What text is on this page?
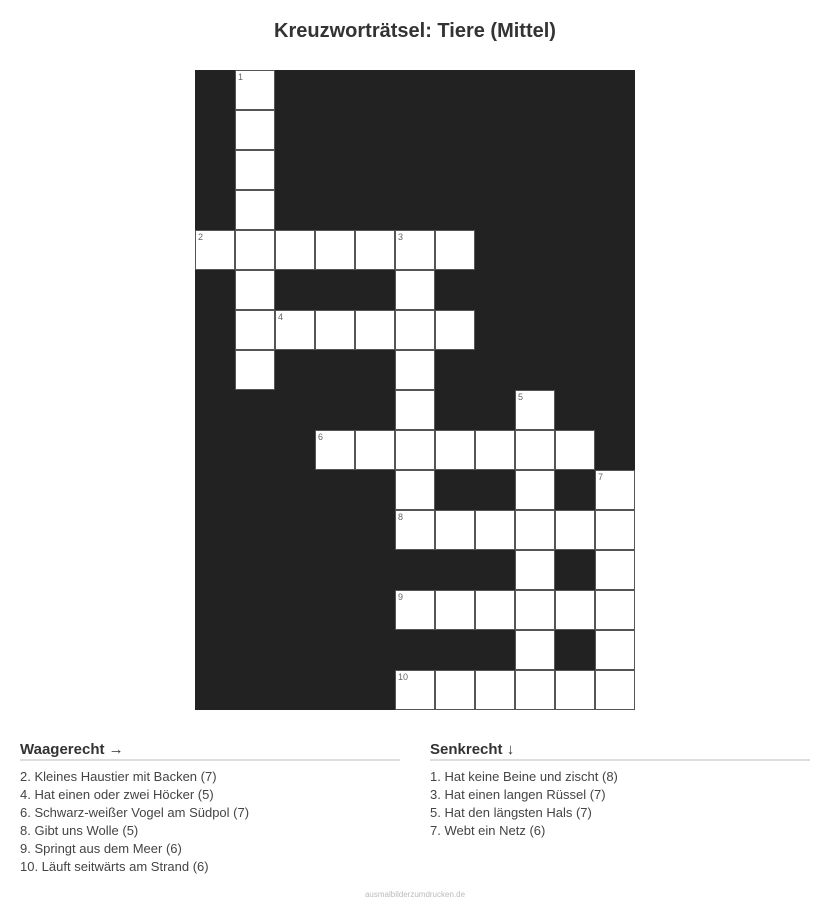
Kreuzworträtsel: Tiere (Mittel)
1
2	3
4
5
6
7
8
9
10
Waagerecht →
2. Kleines Haustier mit Backen (7)
4. Hat einen oder zwei Höcker (5)
6. Schwarz-weißer Vogel am Südpol (7)
8. Gibt uns Wolle (5)
9. Springt aus dem Meer (6)
10. Läuft seitwärts am Strand (6)
Senkrecht ↓
1. Hat keine Beine und zischt (8)
3. Hat einen langen Rüssel (7)
5. Hat den längsten Hals (7)
7. Webt ein Netz (6)
ausmalbilderzumdrucken.de
